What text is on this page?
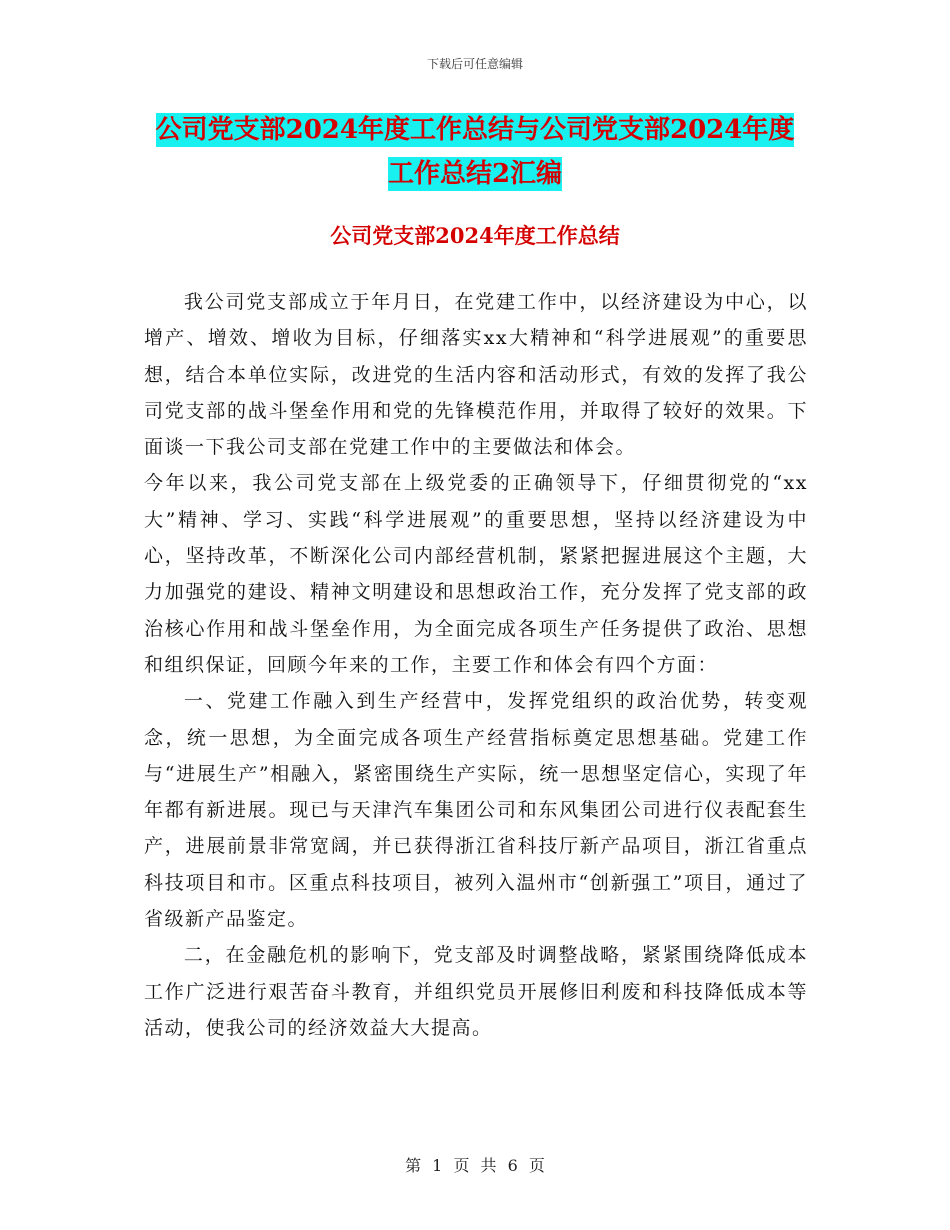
下载后可任意编辑
公司党支部2024年度工作总结与公司党支部2024年度工作总结2汇编
公司党支部2024年度工作总结

我公司党支部成立于年月日，在党建工作中，以经济建设为中心，以增产、增效、增收为目标，仔细落实xx大精神和“科学进展观”的重要思想，结合本单位实际，改进党的生活内容和活动形式，有效的发挥了我公司党支部的战斗堡垒作用和党的先锋模范作用，并取得了较好的效果。下面谈一下我公司支部在党建工作中的主要做法和体会。

今年以来，我公司党支部在上级党委的正确领导下，仔细贯彻党的“xx大”精神、学习、实践“科学进展观”的重要思想，坚持以经济建设为中心，坚持改革，不断深化公司内部经营机制，紧紧把握进展这个主题，大力加强党的建设、精神文明建设和思想政治工作，充分发挥了党支部的政治核心作用和战斗堡垒作用，为全面完成各项生产任务提供了政治、思想和组织保证，回顾今年来的工作，主要工作和体会有四个方面：

一、党建工作融入到生产经营中，发挥党组织的政治优势，转变观念，统一思想，为全面完成各项生产经营指标奠定思想基础。党建工作与“进展生产”相融入，紧密围绕生产实际，统一思想坚定信心，实现了年年都有新进展。现已与天津汽车集团公司和东风集团公司进行仪表配套生产，进展前景非常宽阔，并已获得浙江省科技厅新产品项目，浙江省重点科技项目和市。区重点科技项目，被列入温州市“创新强工”项目，通过了省级新产品鉴定。

二，在金融危机的影响下，党支部及时调整战略，紧紧围绕降低成本工作广泛进行艰苦奋斗教育，并组织党员开展修旧利废和科技降低成本等活动，使我公司的经济效益大大提高。

第 1 页 共 6 页
